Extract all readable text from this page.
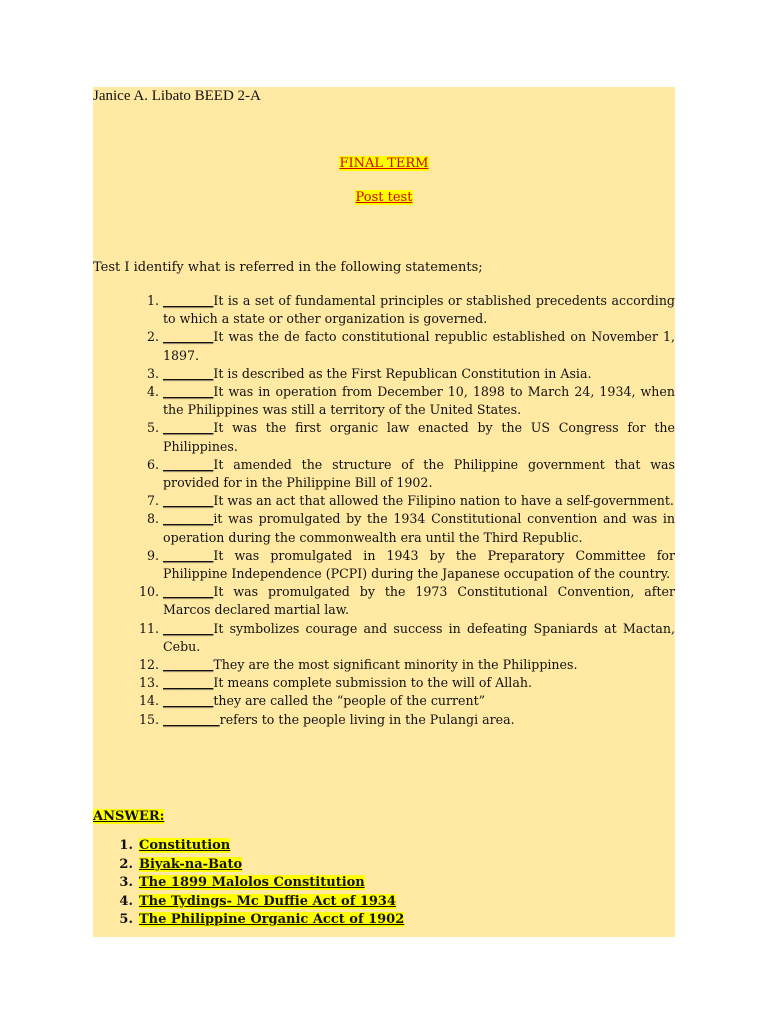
Janice A. Libato BEED 2-A
FINAL TERM
Post test
Test I identify what is referred in the following statements;
1. ________It is a set of fundamental principles or stablished precedents according to which a state or other organization is governed.
2. ________It was the de facto constitutional republic established on November 1, 1897.
3. ________It is described as the First Republican Constitution in Asia.
4. ________It was in operation from December 10, 1898 to March 24, 1934, when the Philippines was still a territory of the United States.
5. ________It was the first organic law enacted by the US Congress for the Philippines.
6. ________It amended the structure of the Philippine government that was provided for in the Philippine Bill of 1902.
7. ________It was an act that allowed the Filipino nation to have a self-government.
8. ________it was promulgated by the 1934 Constitutional convention and was in operation during the commonwealth era until the Third Republic.
9. ________It was promulgated in 1943 by the Preparatory Committee for Philippine Independence (PCPI) during the Japanese occupation of the country.
10. ________It was promulgated by the 1973 Constitutional Convention, after Marcos declared martial law.
11. ________It symbolizes courage and success in defeating Spaniards at Mactan, Cebu.
12. ________They are the most significant minority in the Philippines.
13. ________It means complete submission to the will of Allah.
14. ________they are called the “people of the current”
15. _________refers to the people living in the Pulangi area.
ANSWER:
1. Constitution
2. Biyak-na-Bato
3. The 1899 Malolos Constitution
4. The Tydings- Mc Duffie Act of 1934
5. The Philippine Organic Acct of 1902
